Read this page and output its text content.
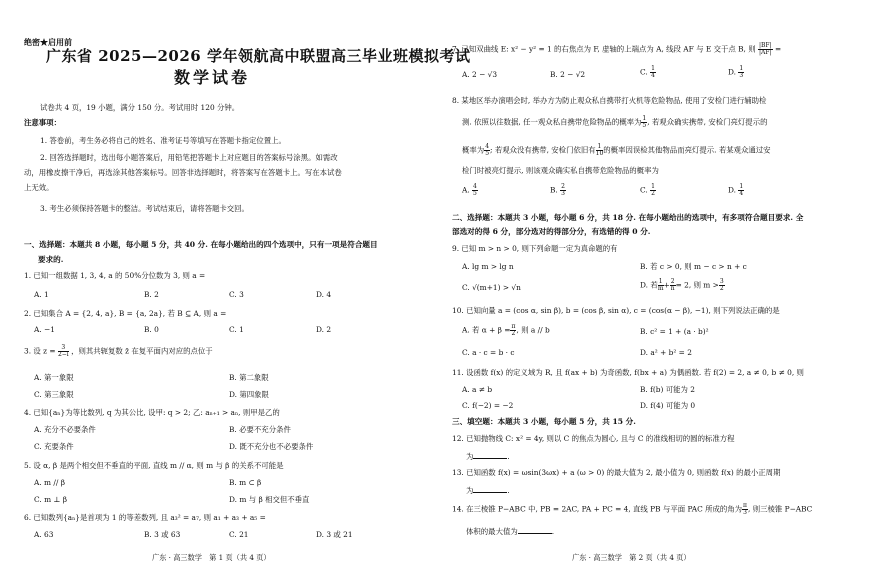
绝密★启用前
广东省 2025—2026 学年领航高中联盟高三毕业班模拟考试
数学试卷
试卷共 4 页，19 小题，满分 150 分。考试用时 120 分钟。
注意事项：
1. 答卷前，考生务必将自己的姓名、准考证号等填写在答题卡指定位置上。
2. 回答选择题时，选出每小题答案后，用铅笔把答题卡上对应题目的答案标号涂黑。如需改
动，用橡皮擦干净后，再选涂其他答案标号。回答非选择题时，将答案写在答题卡上。写在本试卷
上无效。
3. 考生必须保持答题卡的整洁。考试结束后，请将答题卡交回。
一、选择题：本题共 8 小题，每小题 5 分，共 40 分. 在每小题给出的四个选项中，只有一项是符合题目
要求的.
1. 已知一组数据 1, 3, 4, a 的 50%分位数为 3, 则 a =
A. 1	B. 2	C. 3	D. 4
2. 已知集合 A = {2, 4, a}, B = {a, 2a}, 若 B ⊆ A, 则 a =
A. −1	B. 0	C. 1	D. 2
3. 设 $z = \frac{3}{2-i}$ ，则其共轭复数 z̄ 在复平面内对应的点位于
A. 第一象限	B. 第二象限
C. 第三象限	D. 第四象限
4. 已知{aₙ}为等比数列, q 为其公比, 设甲: q > 2; 乙: aₙ₊₁ > aₙ, 则甲是乙的
A. 充分不必要条件	B. 必要不充分条件
C. 充要条件	D. 既不充分也不必要条件
5. 设 α, β 是两个相交但不垂直的平面, 直线 m // α, 则 m 与 β 的关系不可能是
A. m // β	B. m ⊂ β
C. m ⊥ β	D. m 与 β 相交但不垂直
6. 已知数列{aₙ}是首项为 1 的等差数列, 且 a₃² = a₇, 则 a₁ + a₃ + a₅ =
A. 63	B. 3 或 63	C. 21	D. 3 或 21
广东 · 高三数学　第 1 页（共 4 页）
7. 已知双曲线 E: x² − y² = 1 的右焦点为 F, 虚轴的上端点为 A, 线段 AF 与 E 交于点 B, 则 $\frac{|BF|}{|AF|}$ =
A. 2 − √3	B. 2 − √2	C. $\frac{1}{4}$	D. $\frac{1}{3}$
8. 某地区举办演唱会时, 举办方为防止观众私自携带打火机等危险物品, 使用了安检门进行辅助检
测. 依照以往数据, 任一观众私自携带危险物品的概率为 $\frac{1}{5}$ , 若观众确实携带, 安检门亮灯提示的
概率为 $\frac{4}{5}$ ; 若观众没有携带, 安检门依旧有 $\frac{1}{10}$ 的概率因误检其他物品而亮灯提示. 若某观众通过安
检门时被亮灯提示, 则该观众确实私自携带危险物品的概率为
A. $\frac{4}{5}$	B. $\frac{2}{3}$	C. $\frac{1}{2}$	D. $\frac{1}{4}$
二、选择题：本题共 3 小题，每小题 6 分，共 18 分. 在每小题给出的选项中，有多项符合题目要求. 全
部选对的得 6 分，部分选对的得部分分，有选错的得 0 分.
9. 已知 m > n > 0, 则下列命题一定为真命题的有
A. lg m > lg n	B. 若 c > 0, 则 m − c > n + c
C. √(m+1) > √n	D. 若 $\frac{1}{m} + \frac{2}{n} = 2$, 则 $m > \frac{3}{2}$
10. 已知向量 a = (cos α, sin β), b = (cos β, sin α), c = (cos(α − β), −1), 则下列说法正确的是
A. 若 $\alpha + \beta = \frac{\pi}{2}$ , 则 a // b	B. c² = 1 + (a · b)²
C. a · c = b · c	D. a² + b² = 2
11. 设函数 f(x) 的定义域为 R, 且 f(ax + b) 为奇函数, f(bx + a) 为偶函数. 若 f(2) = 2, a ≠ 0, b ≠ 0, 则
A. a ≠ b	B. f(b) 可能为 2
C. f(−2) = −2	D. f(4) 可能为 0
三、填空题：本题共 3 小题，每小题 5 分，共 15 分.
12. 已知抛物线 C: x² = 4y, 则以 C 的焦点为圆心, 且与 C 的准线相切的圆的标准方程
为	.
13. 已知函数 f(x) = ωsin(3ωx) + a (ω > 0) 的最大值为 2, 最小值为 0, 则函数 f(x) 的最小正周期
为	.
14. 在三棱锥 P−ABC 中, PB = 2AC, PA + PC = 4, 直线 PB 与平面 PAC 所成的角为 $\frac{\pi}{3}$ , 则三棱锥 P−ABC
体积的最大值为	.
广东 · 高三数学　第 2 页（共 4 页）
